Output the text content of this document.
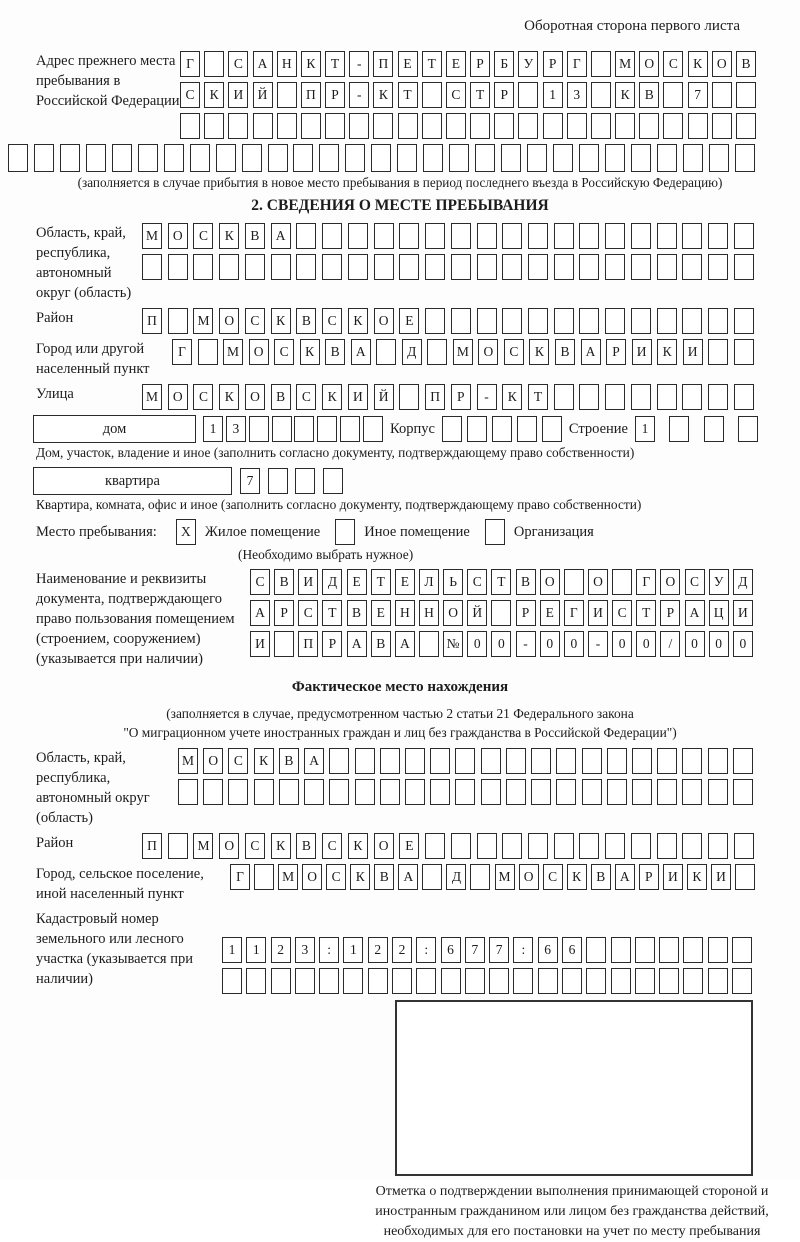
Оборотная сторона первого листа
Адрес прежнего места пребывания в Российской Федерации
Г	С	А	Н	К	Т	-	П	Е	Т	Е	Р	Б	У	Р	Г	М О	С	К	О	В
С	К	И	Й	П	Р	-	К	Т	С	Т	Р	1	3	К	В	7
(заполняется в случае прибытия в новое место пребывания в период последнего въезда в Российскую Федерацию)
2. СВЕДЕНИЯ О МЕСТЕ ПРЕБЫВАНИЯ
Область, край, республика, автономный округ (область)
М	О	С	К	В	А
Район	П	М	О	С	К	В	С	К	О	Е
Город или другой населенный пункт
Г	М	О	С	К	В	А	Д	М	О	С	К	В	А	Р	И	К	И
Улица	М	О	С	К	О	В	С	К	И	Й	П	Р	-	К	Т
дом	1	3	Корпус	Строение	1
Дом, участок, владение и иное (заполнить согласно документу, подтверждающему право собственности)
квартира	7
Квартира, комната, офис и иное (заполнить согласно документу, подтверждающему право собственности)
Место пребывания:	X Жилое помещение	Иное помещение	Организация
(Необходимо выбрать нужное)
Наименование и реквизиты документа, подтверждающего право пользования помещением (строением, сооружением) (указывается при наличии)
С	В	И	Д	Е	Т	Е	Л	Ь	С	Т	В	О	О	Г	О	С	У	Д
А	Р	С	Т	В	Е	Н	Н	О	Й	Р	Е	Г	И	С	Т	Р	А	Ц	И
И	П	Р	А	В	А	№	0	0	-	0	0	-	0	0	/	0	0	0
Фактическое место нахождения
(заполняется в случае, предусмотренном частью 2 статьи 21 Федерального закона
"О миграционном учете иностранных граждан и лиц без гражданства в Российской Федерации")
Область, край, республика, автономный округ (область)
М	О	С	К	В	А
Район	П	М	О	С	К	В	С	К	О	Е
Город, сельское поселение, иной населенный пункт
Г	М О	С	К	В	А	Д	М О	С	К	В	А	Р	И	К	И
Кадастровый номер земельного или лесного участка (указывается при наличии)
1	1	2	3	:	1	2	2	:	6	7	7	:	6	6
Отметка о подтверждении выполнения принимающей стороной и иностранным гражданином или лицом без гражданства действий, необходимых для его постановки на учет по месту пребывания
